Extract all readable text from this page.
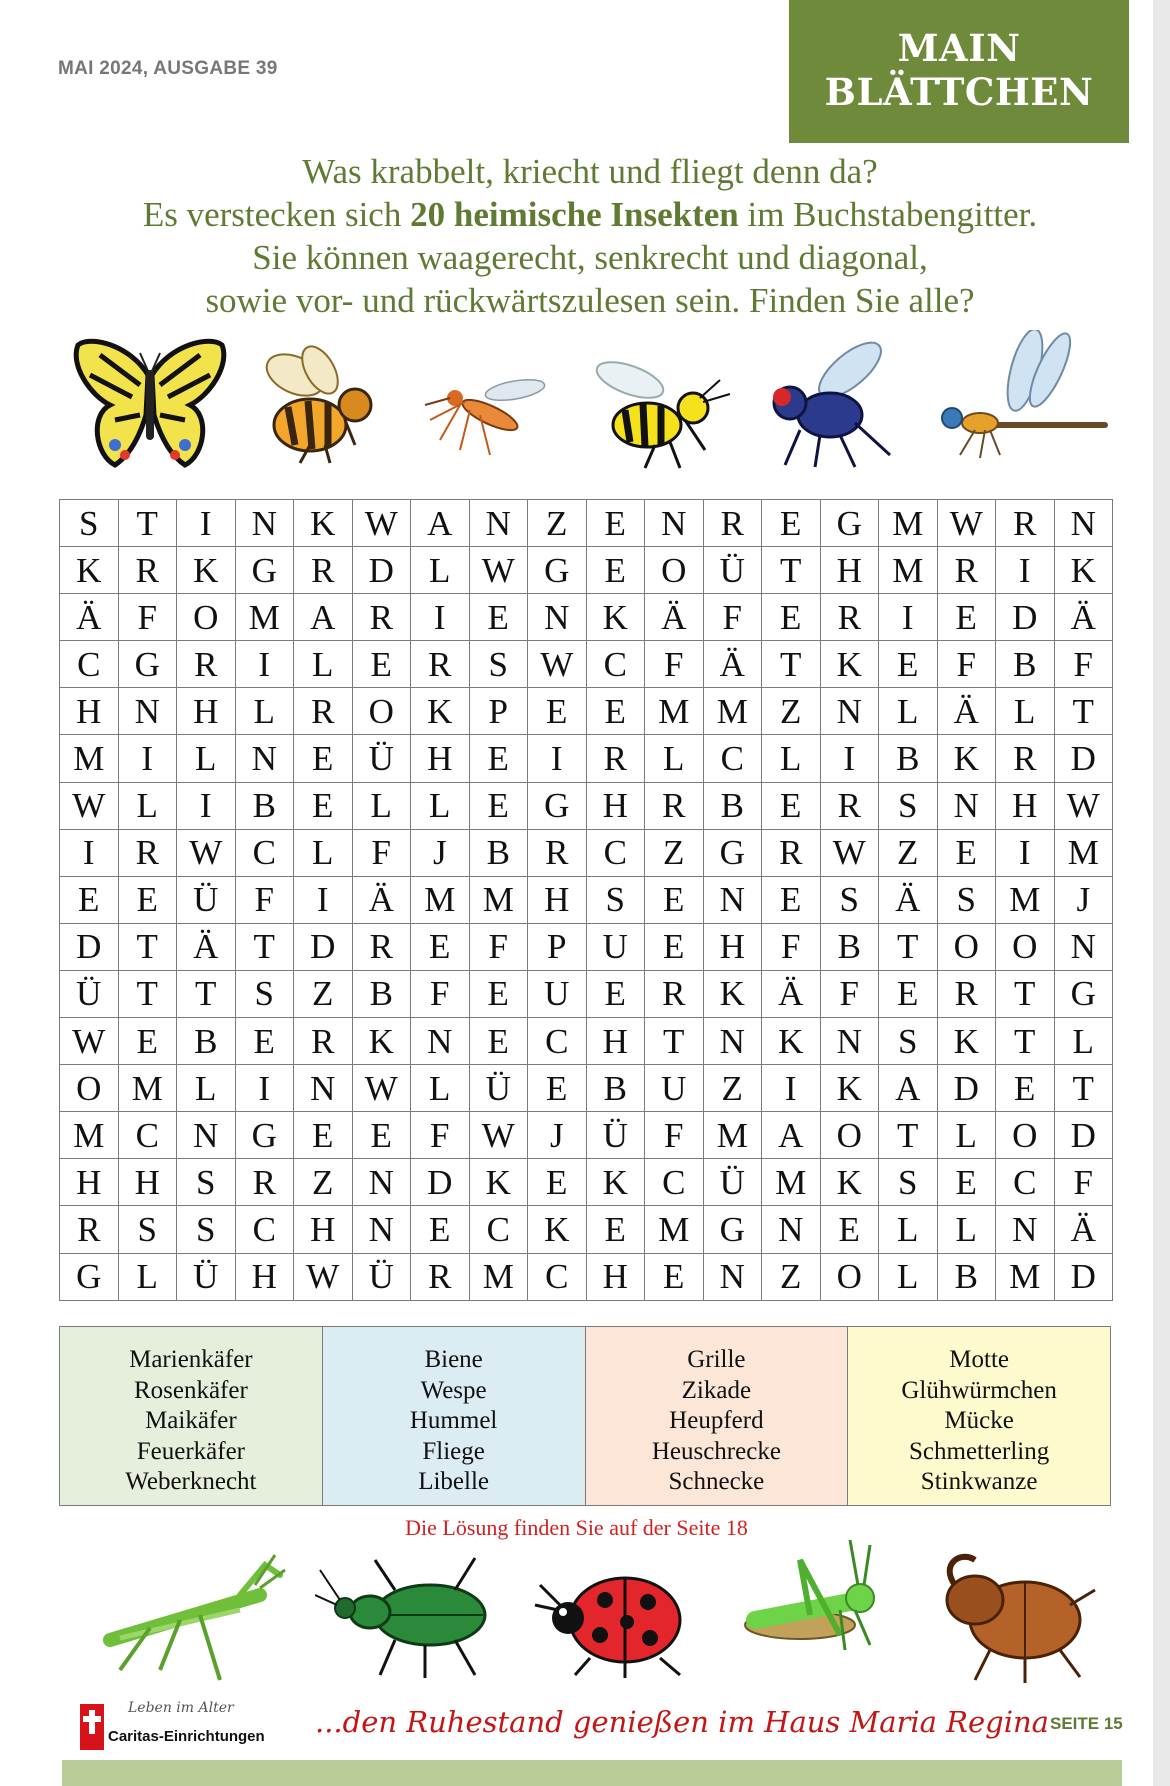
MAI 2024, AUSGABE 39	MAIN
BLÄTTCHEN
Was krabbelt, kriecht und fliegt denn da?
Es verstecken sich 20 heimische Insekten im Buchstabengitter.
Sie können waagerecht, senkrecht und diagonal,
sowie vor- und rückwärtszulesen sein. Finden Sie alle?
S	T	I	N	K	W	A	N	Z	E	N	R	E	G	M	W	R	N
K	R	K	G	R	D	L	W	G	E	O	Ü	T	H	M	R	I	K
Ä	F	O	M	A	R	I	E	N	K	Ä	F	E	R	I	E	D	Ä
C	G	R	I	L	E	R	S	W	C	F	Ä	T	K	E	F	B	F
H	N	H	L	R	O	K	P	E	E	M	M	Z	N	L	Ä	L	T
M	I	L	N	E	Ü	H	E	I	R	L	C	L	I	B	K	R	D
W	L	I	B	E	L	L	E	G	H	R	B	E	R	S	N	H	W
I	R	W	C	L	F	J	B	R	C	Z	G	R	W	Z	E	I	M
E	E	Ü	F	I	Ä	M	M	H	S	E	N	E	S	Ä	S	M	J
D	T	Ä	T	D	R	E	F	P	U	E	H	F	B	T	O	O	N
Ü	T	T	S	Z	B	F	E	U	E	R	K	Ä	F	E	R	T	G
W	E	B	E	R	K	N	E	C	H	T	N	K	N	S	K	T	L
O	M	L	I	N	W	L	Ü	E	B	U	Z	I	K	A	D	E	T
M	C	N	G	E	E	F	W	J	Ü	F	M	A	O	T	L	O	D
H	H	S	R	Z	N	D	K	E	K	C	Ü	M	K	S	E	C	F
R	S	S	C	H	N	E	C	K	E	M	G	N	E	L	L	N	Ä
G	L	Ü	H	W	Ü	R	M	C	H	E	N	Z	O	L	B	M	D
Marienkäfer
Rosenkäfer
Maikäfer
Feuerkäfer
Weberknecht
Biene
Wespe
Hummel
Fliege
Libelle
Grille
Zikade
Heupferd
Heuschrecke
Schnecke
Motte
Glühwürmchen
Mücke
Schmetterling
Stinkwanze
Die Lösung finden Sie auf der Seite 18
Leben im Alter
Caritas-Einrichtungen ...den Ruhestand genießen im Haus Maria Regina SEITE 15
